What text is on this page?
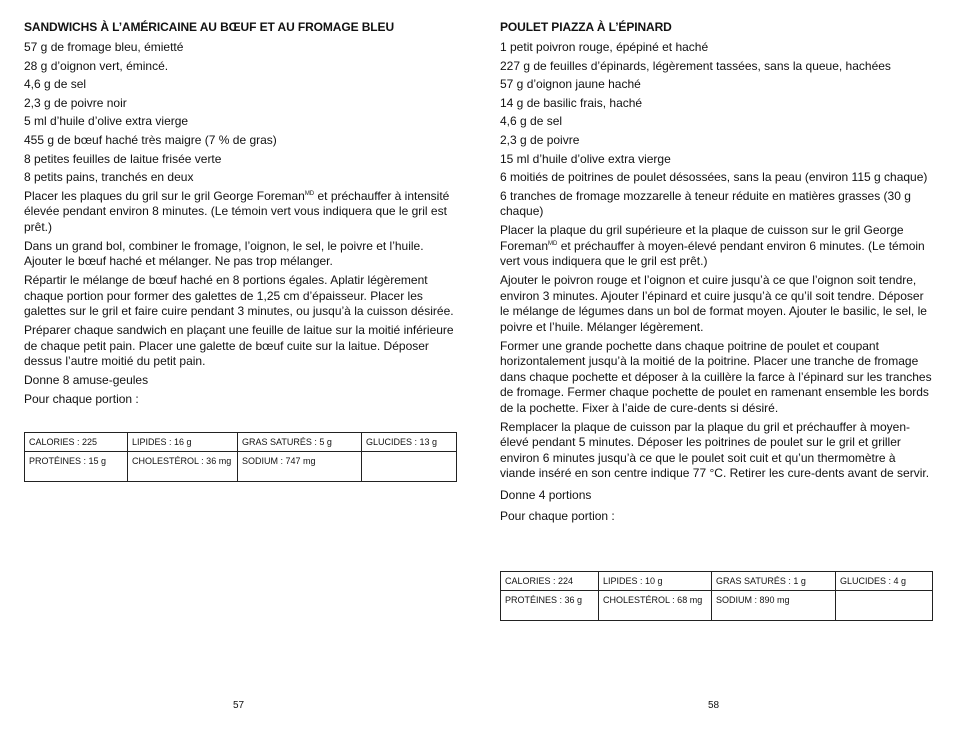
SANDWICHS À L’AMÉRICAINE AU BŒUF ET AU FROMAGE BLEU

57 g de fromage bleu, émietté

28 g d’oignon vert, émincé.

4,6 g de sel

2,3 g de poivre noir

5 ml d’huile d’olive extra vierge

455 g de bœuf haché très maigre (7 % de gras)

8 petites feuilles de laitue frisée verte

8 petits pains, tranchés en deux

Placer les plaques du gril sur le gril George Foreman$^{MD}$ et préchauffer à intensité élevée pendant environ 8 minutes. (Le témoin vert vous indiquera que le gril est prêt.)

Dans un grand bol, combiner le fromage, l’oignon, le sel, le poivre et l’huile. Ajouter le bœuf haché et mélanger. Ne pas trop mélanger.

Répartir le mélange de bœuf haché en 8 portions égales. Aplatir légèrement chaque portion pour former des galettes de 1,25 cm d’épaisseur. Placer les galettes sur le gril et faire cuire pendant 3 minutes, ou jusqu’à la cuisson désirée.

Préparer chaque sandwich en plaçant une feuille de laitue sur la moitié inférieure de chaque petit pain. Placer une galette de bœuf cuite sur la laitue. Déposer dessus l’autre moitié du petit pain.

Donne 8 amuse-geules

Pour chaque portion :

CALORIES : 225	LIPIDES : 16 g	GRAS SATURÉS : 5 g	GLUCIDES : 13 g
PROTÉINES : 15 g	CHOLESTÉROL : 36 mg	SODIUM : 747 mg	
57
POULET PIAZZA À L’ÉPINARD

1 petit poivron rouge, épépiné et haché

227 g de feuilles d’épinards, légèrement tassées, sans la queue, hachées

57 g d’oignon jaune haché

14 g de basilic frais, haché

4,6 g de sel

2,3 g de poivre

15 ml d’huile d’olive extra vierge

6 moitiés de poitrines de poulet désossées, sans la peau (environ 115 g chaque)

6 tranches de fromage mozzarelle à teneur réduite en matières grasses (30 g chaque)

Placer la plaque du gril supérieure et la plaque de cuisson sur le gril George Foreman$^{MD}$ et préchauffer à moyen-élevé pendant environ 6 minutes. (Le témoin vert vous indiquera que le gril est prêt.)

Ajouter le poivron rouge et l’oignon et cuire jusqu’à ce que l’oignon soit tendre, environ 3 minutes. Ajouter l’épinard et cuire jusqu’à ce qu’il soit tendre. Déposer le mélange de légumes dans un bol de format moyen. Ajouter le basilic, le sel, le poivre et l’huile. Mélanger légèrement.

Former une grande pochette dans chaque poitrine de poulet et coupant horizontalement jusqu’à la moitié de la poitrine. Placer une tranche de fromage dans chaque pochette et déposer à la cuillère la farce à l’épinard sur les tranches de fromage. Fermer chaque pochette de poulet en ramenant ensemble les bords de la pochette. Fixer à l’aide de cure-dents si désiré.

Remplacer la plaque de cuisson par la plaque du gril et préchauffer à moyen-élevé pendant 5 minutes. Déposer les poitrines de poulet sur le gril et griller environ 6 minutes jusqu’à ce que le poulet soit cuit et qu’un thermomètre à viande inséré en son centre indique 77 °C. Retirer les cure-dents avant de servir.

Donne 4 portions

Pour chaque portion :

CALORIES : 224	LIPIDES : 10 g	GRAS SATURÉS : 1 g	GLUCIDES : 4 g
PROTÉINES : 36 g	CHOLESTÉROL : 68 mg	SODIUM : 890 mg	
58
